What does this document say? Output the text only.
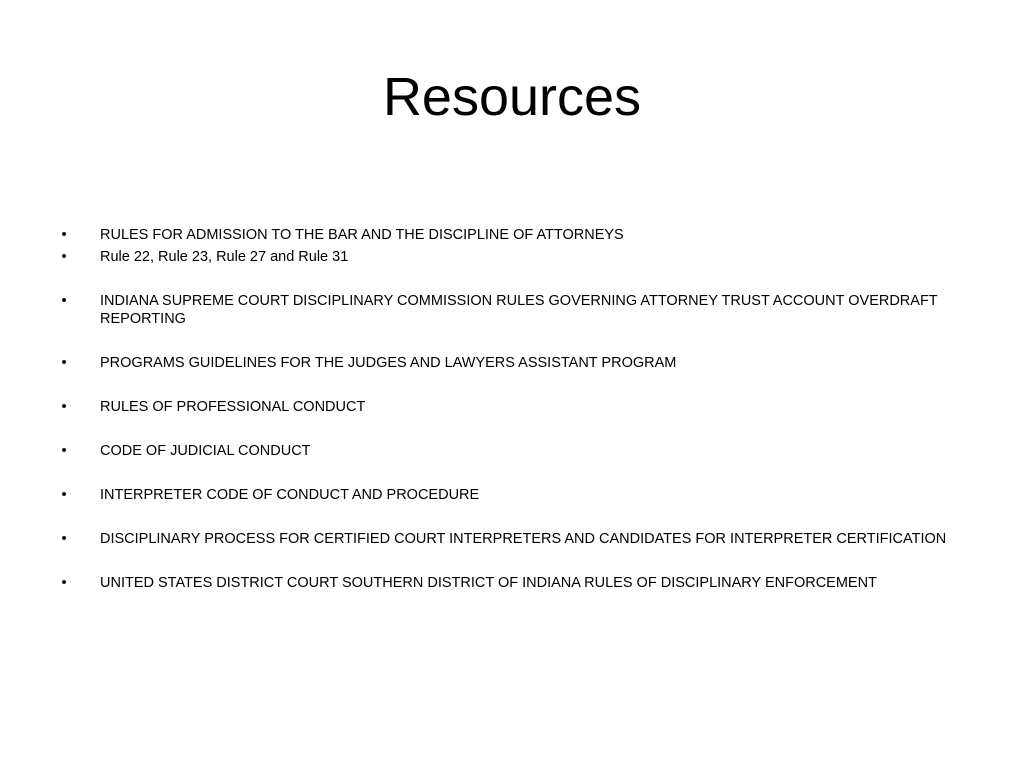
Resources
• RULES FOR ADMISSION TO THE BAR AND THE DISCIPLINE OF ATTORNEYS
• Rule 22, Rule 23, Rule 27 and Rule 31
• INDIANA SUPREME COURT DISCIPLINARY COMMISSION RULES GOVERNING ATTORNEY TRUST ACCOUNT OVERDRAFT REPORTING
• PROGRAMS GUIDELINES FOR THE JUDGES AND LAWYERS ASSISTANT PROGRAM
• RULES OF PROFESSIONAL CONDUCT
• CODE OF JUDICIAL CONDUCT
• INTERPRETER CODE OF CONDUCT AND PROCEDURE
• DISCIPLINARY PROCESS FOR CERTIFIED COURT INTERPRETERS AND CANDIDATES FOR INTERPRETER CERTIFICATION
• UNITED STATES DISTRICT COURT SOUTHERN DISTRICT OF INDIANA RULES OF DISCIPLINARY ENFORCEMENT
